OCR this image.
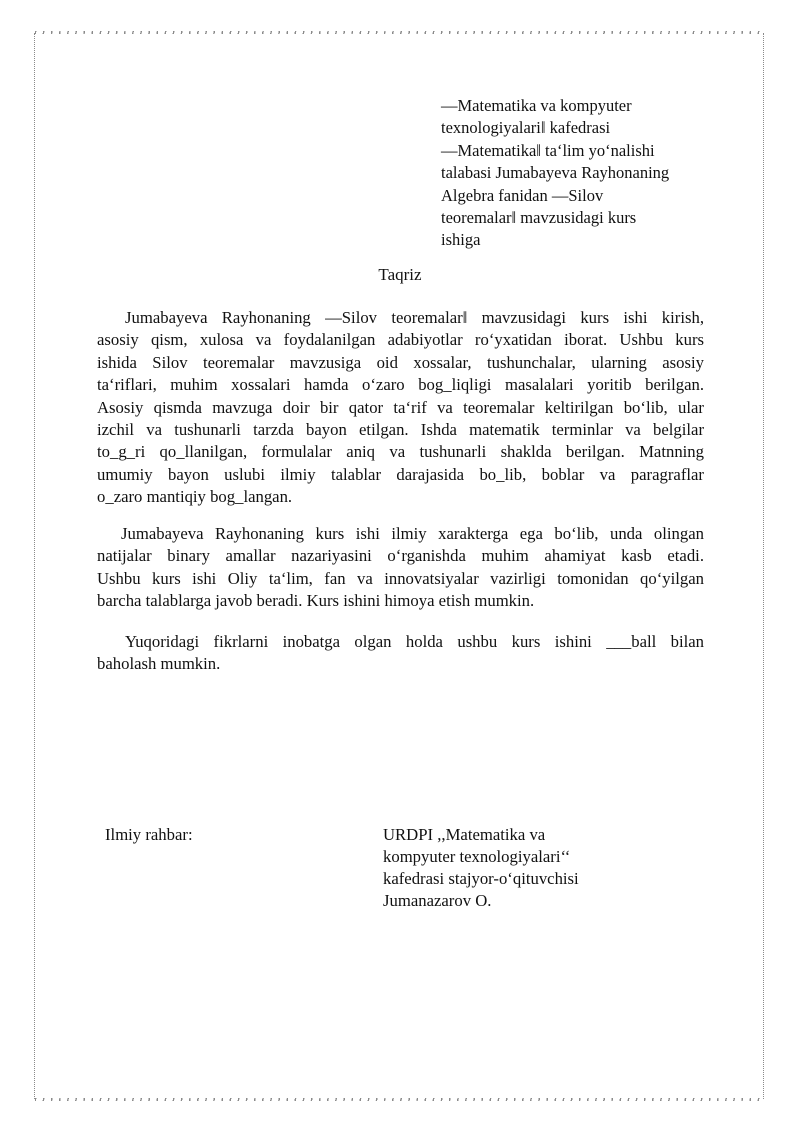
―Matematika va kompyuter
texnologiyalari‖ kafedrasi
―Matematika‖ ta‘lim yo‘nalishi
talabasi Jumabayeva Rayhonaning
Algebra fanidan ―Silov
teoremalar‖ mavzusidagi kurs
ishiga
Taqriz
Jumabayeva Rayhonaning ―Silov teoremalar‖ mavzusidagi kurs ishi kirish,
asosiy qism, xulosa va foydalanilgan adabiyotlar ro‘yxatidan iborat. Ushbu kurs
ishida Silov teoremalar mavzusiga oid xossalar, tushunchalar, ularning asosiy
ta‘riflari, muhim xossalari hamda o‘zaro bog_liqligi masalalari yoritib berilgan.
Asosiy qismda mavzuga doir bir qator ta‘rif va teoremalar keltirilgan bo‘lib, ular
izchil va tushunarli tarzda bayon etilgan. Ishda matematik terminlar va belgilar
to_g_ri qo_llanilgan, formulalar aniq va tushunarli shaklda berilgan. Matnning
umumiy bayon uslubi ilmiy talablar darajasida bo_lib, boblar va paragraflar
o_zaro mantiqiy bog_langan.
Jumabayeva Rayhonaning kurs ishi ilmiy xarakterga ega bo‘lib, unda olingan
natijalar binary amallar nazariyasini o‘rganishda muhim ahamiyat kasb etadi.
Ushbu kurs ishi Oliy ta‘lim, fan va innovatsiyalar vazirligi tomonidan qo‘yilgan
barcha talablarga javob beradi. Kurs ishini himoya etish mumkin.
Yuqoridagi fikrlarni inobatga olgan holda ushbu kurs ishini ___ball bilan
baholash mumkin.
Ilmiy rahbar:	URDPI ,,Matematika va
kompyuter texnologiyalari‘‘
kafedrasi stajyor-o‘qituvchisi
Jumanazarov O.
